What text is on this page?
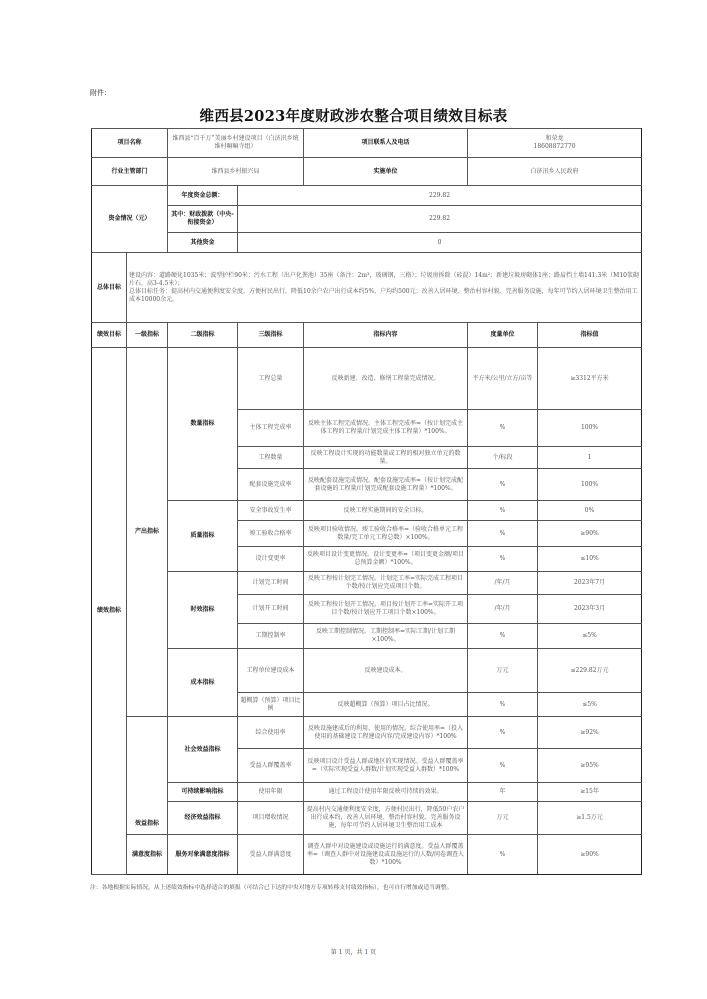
附件：
维西县2023年度财政涉农整合项目绩效目标表
项目名称		维西县“百千万”美丽乡村建设项目（白济汛乡统维村嘛嘛寺组）		项目联系人及电话	和荣龙
18608872770	

行业主管部门		维西县乡村振兴局		实施单位	白济汛乡人民政府	
资金情况（元）		年度资金总额：	229.82			
		其中：财政拨款（中央-衔接资金）	229.82			
		其他资金	0			
总体目标	建设内容：道路硬化1035米；波型护栏90米；污水工程（出户化粪池）35座（备注：2m³，玻璃钢，三格）；垃圾房拆除（砖混）14m²；新建垃圾房砌体1座；路肩挡土墙141.3米（M10浆砌片石，高3-4.5米）；
总体目标任务：提高村内交通便利度安全度，方便村民出行，降低10余户农户出行成本约5%，户均约500元；改善人居环境、整治村容村貌、完善服务设施，每年可节约人居环境卫生整治用工成本10000余元。					

绩效目标	一级指标	二级指标	三级指标	指标内容	度量单位	指标值
绩效指标	产出指标	数量指标	工程总量	反映新建、改造、修缮工程量完成情况。	平方米/公里/立方/亩等	≥3312平方米
			主体工程完成率	反映主体工程完成情况。主体工程完成率=（按计划完成主体工程的工程量/计划完成主体工程量）*100%。	%	100%
			工程数量	反映工程设计实现的功能数量或工程的相对独立单元的数量。	个/标段	1
			配套设施完成率	反映配套设施完成情况。配套设施完成率=（按计划完成配套设施的工程量/计划完成配套设施工程量）*100%。	%	100%
		质量指标	安全事故发生率	反映工程实施期间的安全目标。	%	0%
			竣工验收合格率	反映项目验收情况。竣工验收合格率=（验收合格单元工程数量/完工单元工程总数）×100%。	%	≥90%
			设计变更率	反映项目设计变更情况。设计变更率=（项目变更金额/项目总预算金额）*100%。	%	≤10%
		时效指标	计划完工时间	反映工程按计划完工情况。计划完工率=实际完成工程项目个数/按计划应完成项目个数。	/年/月	2023年7月
			计划开工时间	反映工程按计划开工情况。项目按计划开工率=实际开工项目个数/按计划应开工项目个数×100%。	/年/月	2023年3月
			工期控制率	反映工期控制情况。工期控制率=实际工期/计划工期×100%。	%	≤5%
		成本指标	工程单位建设成本	反映建设成本。	万元	≤229.82万元
			超概算（预算）项目比例	反映超概算（预算）项目占比情况。	%	≤5%
	效益指标	社会效益指标	综合使用率	反映设施建成后的利用、使用的情况。综合使用率=（投入使用的基础建设工程建设内容/完成建设内容）*100%	%	≥92%
			受益人群覆盖率	反映项目设计受益人群或地区的实现情况。受益人群覆盖率=（实际实现受益人群数/计划实现受益人群数）*100%	%	≥95%
		可持续影响指标	使用年限	通过工程设计使用年限反映可持续的效果。	年	≥15年
		经济效益指标	项目增收情况	提高村内交通便利度安全度，方便村民出行，降低50户农户出行成本约，改善人居环境、整治村容村貌、完善服务设施，每年可节约人居环境卫生整治用工成本	万元	≥1.5万元
	满意度指标	服务对象满意度指标	受益人群满意度	调查人群中对设施建设或设施运行的满意度。受益人群覆盖率=（调查人群中对设施建设或设施运行的人数/问卷调查人数）*100%	%	≥90%
注：各地根据实际情况，从上述绩效指标中选择适合的填报（可结合已下达的中央对地方专项转移支付绩效指标），也可自行增加或适当调整。
第 1 页，共 1 页
